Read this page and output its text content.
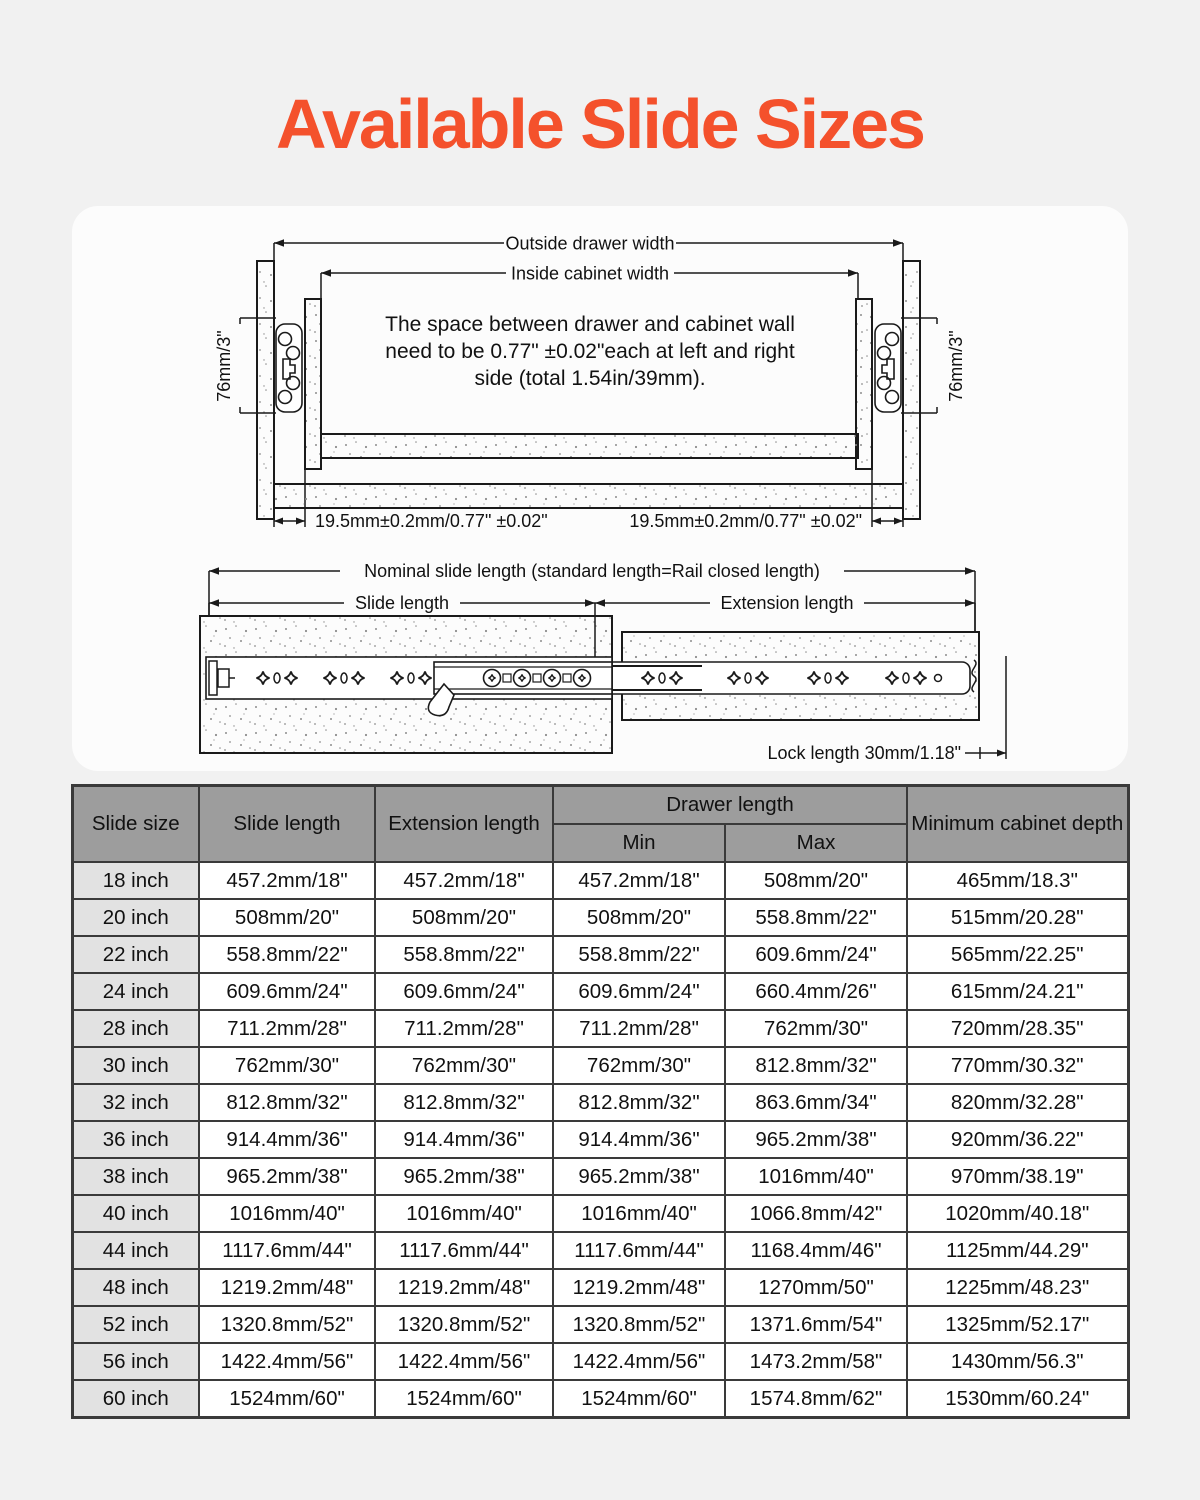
Available Slide Sizes
Outside drawer width
Inside cabinet width
The space between drawer and cabinet wall
need to be 0.77" ±0.02"each at left and right
side (total 1.54in/39mm).
76mm/3"	76mm/3"
19.5mm±0.2mm/0.77" ±0.02"	19.5mm±0.2mm/0.77" ±0.02"

Lock length 30mm/1.18"
Nominal slide length (standard length=Rail closed length)
Slide length	Extension length
Slide size	Slide length	Extension length	Drawer length		Minimum cabinet depth
			Min	Max	
18 inch	457.2mm/18"	457.2mm/18"	457.2mm/18"	508mm/20"	465mm/18.3"
20 inch	508mm/20"	508mm/20"	508mm/20"	558.8mm/22"	515mm/20.28"
22 inch	558.8mm/22"	558.8mm/22"	558.8mm/22"	609.6mm/24"	565mm/22.25"
24 inch	609.6mm/24"	609.6mm/24"	609.6mm/24"	660.4mm/26"	615mm/24.21"
28 inch	711.2mm/28"	711.2mm/28"	711.2mm/28"	762mm/30"	720mm/28.35"
30 inch	762mm/30"	762mm/30"	762mm/30"	812.8mm/32"	770mm/30.32"
32 inch	812.8mm/32"	812.8mm/32"	812.8mm/32"	863.6mm/34"	820mm/32.28"
36 inch	914.4mm/36"	914.4mm/36"	914.4mm/36"	965.2mm/38"	920mm/36.22"
38 inch	965.2mm/38"	965.2mm/38"	965.2mm/38"	1016mm/40"	970mm/38.19"
40 inch	1016mm/40"	1016mm/40"	1016mm/40"	1066.8mm/42"	1020mm/40.18"
44 inch	1117.6mm/44"	1117.6mm/44"	1117.6mm/44"	1168.4mm/46"	1125mm/44.29"
48 inch	1219.2mm/48"	1219.2mm/48"	1219.2mm/48"	1270mm/50"	1225mm/48.23"
52 inch	1320.8mm/52"	1320.8mm/52"	1320.8mm/52"	1371.6mm/54"	1325mm/52.17"
56 inch	1422.4mm/56"	1422.4mm/56"	1422.4mm/56"	1473.2mm/58"	1430mm/56.3"
60 inch	1524mm/60"	1524mm/60"	1524mm/60"	1574.8mm/62"	1530mm/60.24"
